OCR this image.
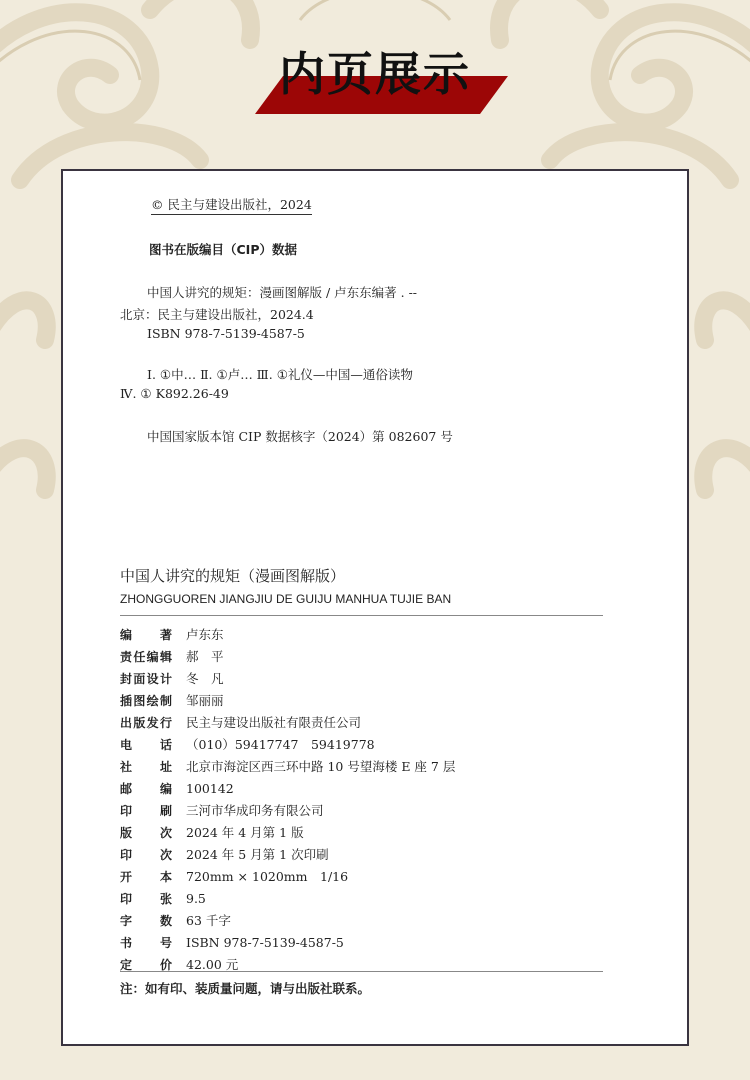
内页展示
© 民主与建设出版社，2024
图书在版编目（CIP）数据
中国人讲究的规矩：漫画图解版 / 卢东东编著 . --
北京：民主与建设出版社，2024.4
ISBN 978-7-5139-4587-5
Ⅰ. ①中… Ⅱ. ①卢… Ⅲ. ①礼仪—中国—通俗读物
Ⅳ. ① K892.26-49
中国国家版本馆 CIP 数据核字（2024）第 082607 号
中国人讲究的规矩（漫画图解版）
ZHONGGUOREN JIANGJIU DE GUIJU MANHUA TUJIE BAN
编 著 卢东东
责 任 编 辑 郝　平
封 面 设 计 冬　凡
插 图 绘 制 邹丽丽
出 版 发 行 民主与建设出版社有限责任公司
电 话 （010）59417747　59419778
社 址 北京市海淀区西三环中路 10 号望海楼 E 座 7 层
邮 编 100142
印 刷 三河市华成印务有限公司
版 次 2024 年 4 月第 1 版
印 次 2024 年 5 月第 1 次印刷
开 本 720mm × 1020mm　1/16
印 张 9.5
字 数 63 千字
书 号 ISBN 978-7-5139-4587-5
定 价 42.00 元
注：如有印、装质量问题，请与出版社联系。
